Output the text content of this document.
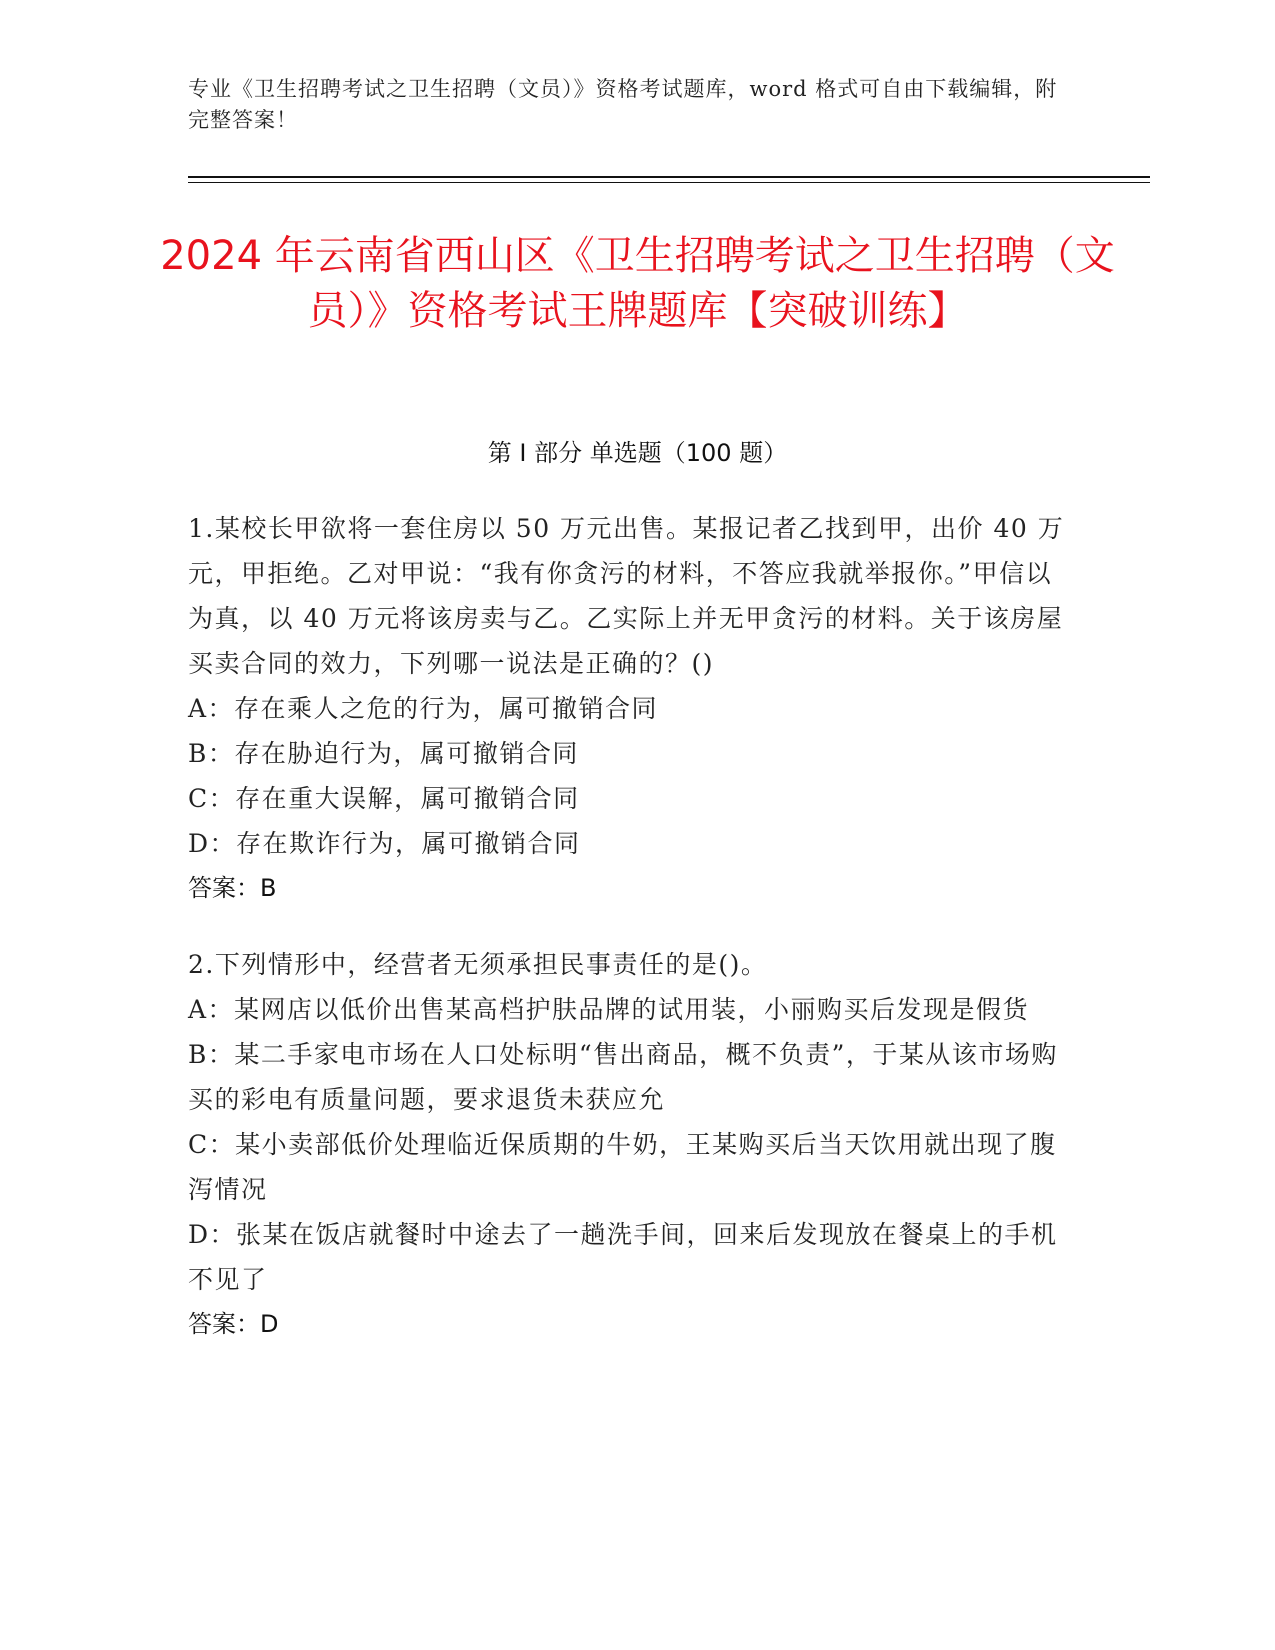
专业《卫生招聘考试之卫生招聘（文员）》资格考试题库，word 格式可自由下载编辑，附完整答案！
2024 年云南省西山区《卫生招聘考试之卫生招聘（文员）》资格考试王牌题库【突破训练】
第 I 部分 单选题（100 题）

1.某校长甲欲将一套住房以 50 万元出售。某报记者乙找到甲，出价 40 万元，甲拒绝。乙对甲说：“我有你贪污的材料，不答应我就举报你。”甲信以为真，以 40 万元将该房卖与乙。乙实际上并无甲贪污的材料。关于该房屋买卖合同的效力，下列哪一说法是正确的？()

A：存在乘人之危的行为，属可撤销合同

B：存在胁迫行为，属可撤销合同

C：存在重大误解，属可撤销合同

D：存在欺诈行为，属可撤销合同

答案：B

2.下列情形中，经营者无须承担民事责任的是()。

A：某网店以低价出售某高档护肤品牌的试用装，小丽购买后发现是假货

B：某二手家电市场在人口处标明“售出商品，概不负责”，于某从该市场购买的彩电有质量问题，要求退货未获应允

C：某小卖部低价处理临近保质期的牛奶，王某购买后当天饮用就出现了腹泻情况

D：张某在饭店就餐时中途去了一趟洗手间，回来后发现放在餐桌上的手机不见了

答案：D
